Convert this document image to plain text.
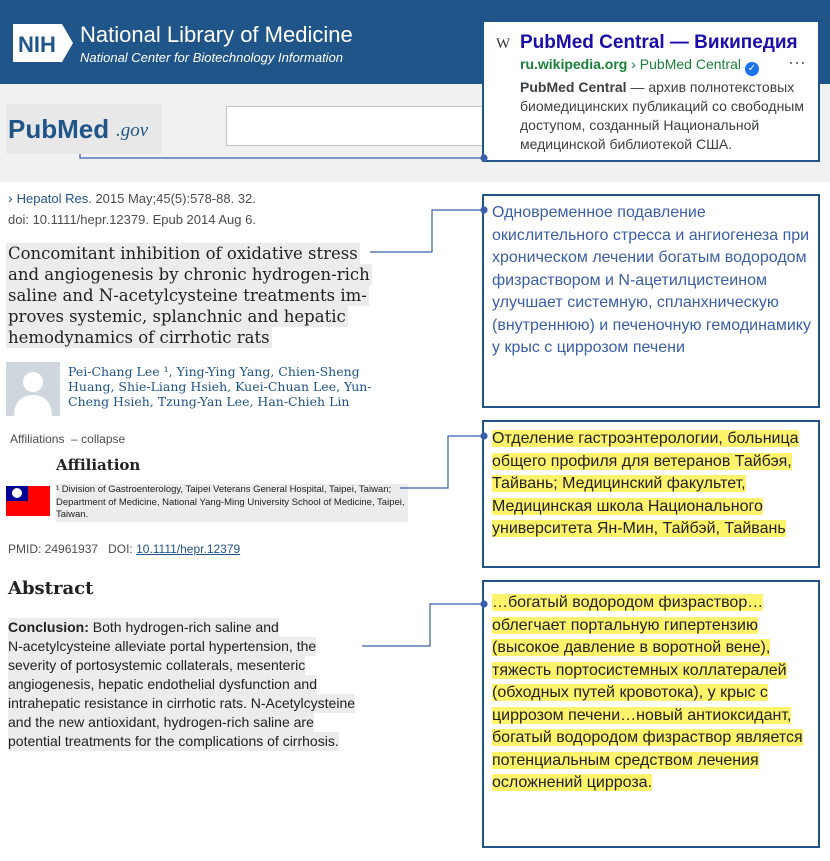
NIH National Library of Medicine
National Center for Biotechnology Information
PubMed .gov
W PubMed Central — Википедия
ru.wikipedia.org › PubMed Central ✓ ···
PubMed Central — архив полнотекстовых биомедицинских публикаций со свободным доступом, созданный Национальной медицинской библиотекой США.
› Hepatol Res. 2015 May;45(5):578-88. 32.
doi: 10.1111/hepr.12379. Epub 2014 Aug 6.
Concomitant inhibition of oxidative stress
and angiogenesis by chronic hydrogen-rich
saline and N-acetylcysteine treatments im-
proves systemic, splanchnic and hepatic
hemodynamics of cirrhotic rats
Pei-Chang Lee ¹, Ying-Ying Yang, Chien-Sheng Huang, Shie-Liang Hsieh, Kuei-Chuan Lee, Yun-Cheng Hsieh, Tzung-Yan Lee, Han-Chieh Lin
Affiliations – collapse
Affiliation
¹ Division of Gastroenterology, Taipei Veterans General Hospital, Taipei, Taiwan; Department of Medicine, National Yang-Ming University School of Medicine, Taipei, Taiwan.
PMID: 24961937 DOI: 10.1111/hepr.12379
Abstract
Conclusion: Both hydrogen-rich saline and
N-acetylcysteine alleviate portal hypertension, the
severity of portosystemic collaterals, mesenteric
angiogenesis, hepatic endothelial dysfunction and
intrahepatic resistance in cirrhotic rats. N-Acetylcysteine
and the new antioxidant, hydrogen-rich saline are
potential treatments for the complications of cirrhosis.
Одновременное подавление окислительного стресса и ангиогенеза при хроническом лечении богатым водородом физраствором и N-ацетилцистеином улучшает системную, спланхническую (внутреннюю) и печеночную гемодинамику у крыс с циррозом печени
Отделение гастроэнтерологии, больница общего профиля для ветеранов Тайбэя, Тайвань; Медицинский факультет, Медицинская школа Национального университета Ян-Мин, Тайбэй, Тайвань
…богатый водородом физраствор…облегчает портальную гипертензию (высокое давление в воротной вене), тяжесть портосистемных коллатералей (обходных путей кровотока), у крыс с циррозом печени…новый антиоксидант, богатый водородом физраствор является потенциальным средством лечения осложнений цирроза.
